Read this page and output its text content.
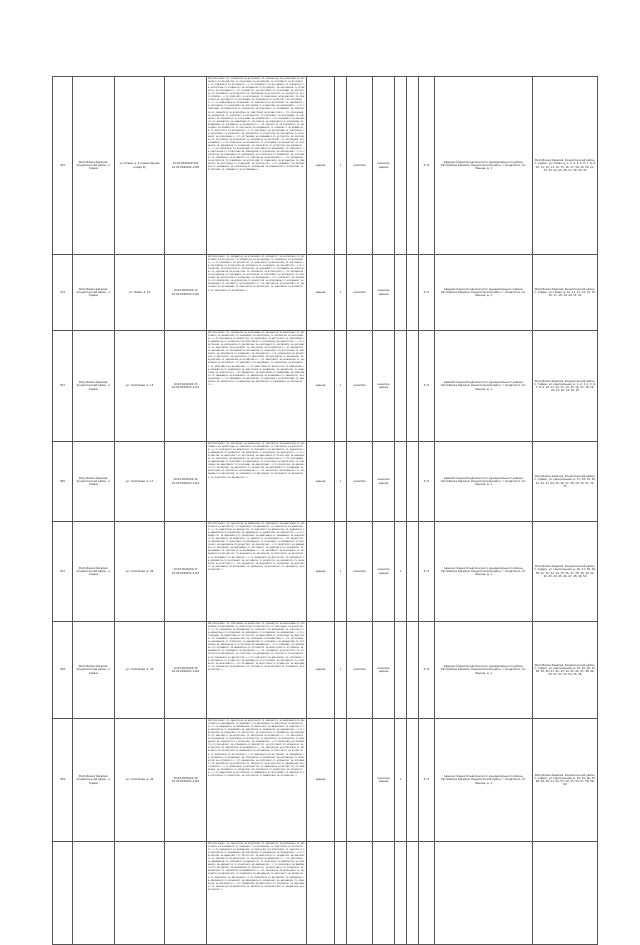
332	Республика Карелия, Кондопожский район, п. Гирвас	ул. Новая, д. 4 (инвентарный номер 8)	10:03:0040102:542 10:03:0040102:1105	MULTIPOLYGON(((75.3224452474 34.4112349211,75.3225061234 34.4113422188,75.3223847652 34.4114507761,75.3222639043 34.4113426392,75.3221843211 34.4112349211,75.3224452474 34.4112349211)),((75.3229843211 34.4117640032,75.3230451762 34.4118712344,75.3228920113 34.4119803245,75.3227802317 34.4118704328,75.3229843211 34.4117640032)),((75.3234567112 34.4121129876,75.3235234481 34.4122307756,75.3233985422 34.4123478218,75.3232819034 34.4122301255,75.3234567112 34.4121129876)),((75.3239512311 34.4125740015,75.3240133356 34.4126913327,75.3238761924 34.4127982011,75.3237644418 34.4126833014,75.3239512311 34.4125740015)),((75.3244021854 34.4130023987,75.3244709233 34.4131156612,75.3243368741 34.4132310873,75.3242209854 34.4131159986,75.3244021854 34.4130023987)),((75.3248719942 34.4134411238,75.3249302376 34.4135590012,75.3247968913 34.4136703254,75.3246821075 34.4135578766,75.3248719942 34.4134411238)),((75.3253230048 34.4138870314,75.3253907651 34.4140023377,75.3252508812 34.4141169845,75.3251356732 34.4139973611,75.3253230048 34.4138870314)),((75.3257908213 34.4143300122,75.3258541379 34.4144491087,75.3257146610 34.4145569022,75.3256033982 34.4144439165,75.3257908213 34.4143300122)),((75.3262521116 34.4147689731,75.3263143407 34.4148817215,75.3261790133 34.4149994370,75.3260634271 34.4148822154,75.3262521116 34.4147689731)),((75.3267180912 34.4152070048,75.3267810243 34.4153219952,75.3266432017 34.4154367831,75.3265319116 34.4153201874,75.3267180912 34.4152070048)),((75.3271834460 34.4156448813,75.3272501276 34.4157628104,75.3271109922 34.4158745529,75.3269936514 34.4157592811,75.3271834460 34.4156448813)),((75.3276411233 34.4160902231,75.3277043845 34.4162047723,75.3275668129 34.4163200164,75.3274542361 34.4162016735,75.3276411233 34.4160902231)),((75.3281059120 34.4165331408,75.3281729814 34.4166498867,75.3280335021 34.4167613240,75.3279191348 34.4166470039,75.3281059120 34.4165331408)),((75.3285702214 34.4169764315,75.3286334078 34.4170922214,75.3284952631 34.4172018847,75.3283820147 34.4170887313,75.3285702214 34.4169764315)),((75.3290361587 34.4174151276,75.3290987002 34.4175317438,75.3289623419 34.4176442165,75.3288483710 34.4175270961,75.3290361587 34.4174151276)),((75.3294986271 34.4178609834,75.3295640017 34.4179781243,75.3294245338 34.4180893018,75.3293107862 34.4179719546,75.3294986271 34.4178609834)))	здание	1	нежилое	нежилое здание			5,71	Администрация Кондопожского муниципального района. Республика Карелия, Кондопожский район, г. Кондопога, пл. Ленина, д. 1	Республика Карелия, Кондопожский район, п. Гирвас, ул. Новая, д. 1, 2, 3, 4, 5, 6, 7, 8, 9, 10, 11, 12, 13, 14, 15, 16, 17, 18, 19, 20, 21, 22, 23, 24, 25, 26, 27, 28, 29, 30
333	Республика Карелия, Кондопожский район, п. Гирвас	ул. Новая, д. 10	10:03:0040102:14 10:03:0040102:1120	MULTIPOLYGON(((75.3318842103 34.4210334811,75.3319502377 34.4211487016,75.3318120456 34.4212615327,75.3316981734 34.4211479903,75.3318842103 34.4210334811)),((75.3323498217 34.4214781127,75.3324135541 34.4215929316,75.3322760412 34.4217058874,75.3321621509 34.4215910123,75.3323498217 34.4214781127)),((75.3328142391 34.4219197238,75.3328793105 34.4220348871,75.3327408614 34.4221471042,75.3326266738 34.4220337145,75.3328142391 34.4219197238)),((75.3332801416 34.4223630054,75.3333448762 34.4224776530,75.3332059817 34.4225904112,75.3330922047 34.4224771308,75.3332801416 34.4223630054)),((75.3337453127 34.4228054312,75.3338107435 34.4229207766,75.3336721128 34.4230334590,75.3335584612 34.4229200033,75.3337453127 34.4228054312)),((75.3342106518 34.4232479021,75.3342761007 34.4233628442,75.3341374233 34.4234752011,75.3340236105 34.4233618719,75.3342106518 34.4232479021)))	здание	1	нежилое	нежилое здание			5,71	Администрация Кондопожского муниципального района. Республика Карелия, Кондопожский район, г. Кондопога, пл. Ленина, д. 1	Республика Карелия, Кондопожский район, п. Гирвас, ул. Новая, д. 10, 11, 12, 13, 14, 15, 16, 17, 18, 19, 20, 21, 22
352	Республика Карелия, Кондопожский район, п. Гирвас	ул. Centralная, д. 13	10:03:0040102:15 10:03:0040102:1121	MULTIPOLYGON(((75.3412841706 34.4302138860,75.3413492158 34.4303291047,75.3412108315 34.4304413920,75.3410964002 34.4303278635,75.3412841706 34.4302138860)),((75.3417498134 34.4306573127,75.3418150926 34.4307724513,75.3416763808 34.4308852210,75.3415623214 34.4307719145,75.3417498134 34.4306573127)),((75.3422152093 34.4311009224,75.3422801548 34.4312158641,75.3421418876 34.4313284720,75.3420274503 34.4312149811,75.3422152093 34.4311009224)),((75.3426807412 34.4315440125,75.3427459308 34.4316590314,75.3426073011 34.4317716438,75.3424931617 34.4316581022,75.3426807412 34.4315440125)),((75.3431462308 34.4319872033,75.3432114517 34.4321023147,75.3430728902 34.4322148236,75.3429586411 34.4321012609,75.3431462308 34.4319872033)),((75.3436118421 34.4324305149,75.3436769023 34.4325455017,75.3435384217 34.4326580822,75.3434241009 34.4325444731,75.3436118421 34.4324305149)),((75.3440773609 34.4328737126,75.3441425306 34.4329887614,75.3440039104 34.4331012909,75.3438897012 34.4329877302,75.3440773609 34.4328737126)),((75.3445429117 34.4333169308,75.3446079804 34.4334319425,75.3444694021 34.4335444732,75.3443552209 34.4334309018,75.3445429117 34.4333169308)),((75.3450084302 34.4337601437,75.3450735611 34.4338751808,75.3449349716 34.4339877013,75.3448207504 34.4338741419,75.3450084302 34.4337601437)))	здание	1	нежилое	нежилое здание			5,71	Администрация Кондопожского муниципального района. Республика Карелия, Кондопожский район, г. Кондопога, пл. Ленина, д. 1	Республика Карелия, Кондопожский район, п. Гирвас, ул. Центральная, д. 1, 2, 3, 4, 5, 6, 7, 8, 9, 10, 11, 12, 13, 14, 15, 16, 17, 18, 19, 20, 21, 22, 23, 24, 25
356	Республика Карелия, Кондопожский район, п. Гирвас	ул. Centralная, д. 17	10:03:0040102:16 10:03:0040102:1122	MULTIPOLYGON(((75.3502141007 34.4392301216,75.3502793519 34.4393452108,75.3501408313 34.4394577340,75.3500265102 34.4393442607,75.3502141007 34.4392301216)),((75.3506796213 34.4396733517,75.3507448021 34.4397884210,75.3506062514 34.4399009316,75.3504920211 34.4397874039,75.3506796213 34.4396733517)),((75.3511451709 34.4401165611,75.3512103616 34.4402316418,75.3510717418 34.4403441503,75.3509575407 34.4402306230,75.3511451709 34.4401165611)),((75.3516106802 34.4405597904,75.3516758413 34.4406748521,75.3515372614 34.4407873612,75.3514230603 34.4406738413,75.3516106802 34.4405597904)),((75.3520762105 34.4410030107,75.3521413811 34.4411180725,75.3520027919 34.4412305807,75.3518885808 34.4411170626,75.3520762105 34.4410030107)),((75.3525417301 34.4414462321,75.3526069014 34.4415612934,75.3524683210 34.4416738002,75.3523541011 34.4415602819,75.3525417301 34.4414462321)))	здание	1	нежилое	нежилое здание			5,71	Администрация Кондопожского муниципального района. Республика Карелия, Кондопожский район, г. Кондопога, пл. Ленина, д. 1	Республика Карелия, Кондопожский район, п. Гирвас, ул. Центральная, д. 17, 18, 19, 20, 21, 22, 23, 24, 25, 26, 27, 28, 29, 30, 31, 32, 33
357	Республика Карелия, Кондопожский район, п. Гирвас	ул. Centralная, д. 26	10:03:0040102:17 10:03:0040102:1123	MULTIPOLYGON(((75.3600112314 34.4489120013,75.3600764021 34.4490270608,75.3599378214 34.4491395717,75.3598236011 34.4490260512,75.3600112314 34.4489120013)),((75.3604767509 34.4493552112,75.3605419217 34.4494702714,75.3604033412 34.4495827814,75.3602891209 34.4494692619,75.3604767509 34.4493552112)),((75.3609422711 34.4497984213,75.3610074419 34.4499134814,75.3608688613 34.4500259913,75.3607546411 34.4499124717,75.3609422711 34.4497984213)),((75.3614077913 34.4502416314,75.3614729619 34.4503566913,75.3613343815 34.4504692012,75.3612201613 34.4503556818,75.3614077913 34.4502416314)),((75.3618733115 34.4506848415,75.3619384821 34.4507999014,75.3617999017 34.4509124113,75.3616856815 34.4507988919,75.3618733115 34.4506848415)),((75.3623388317 34.4511280516,75.3624040023 34.4512431115,75.3622654219 34.4513556214,75.3621512017 34.4512421020,75.3623388317 34.4511280516)),((75.3628043519 34.4515712617,75.3628695225 34.4516863216,75.3627309421 34.4517988315,75.3626167219 34.4516853121,75.3628043519 34.4515712617)),((75.3632698721 34.4520144718,75.3633350427 34.4521295317,75.3631964623 34.4522420416,75.3630822421 34.4521285222,75.3632698721 34.4520144718)))	здание	1	нежилое	нежилое здание	1		5,71	Администрация Кондопожского муниципального района. Республика Карелия, Кондопожский район, г. Кондопога, пл. Ленина, д. 1	Республика Карелия, Кондопожский район, п. Гирвас, ул. Центральная, д. 26, 27, 28, 29, 30, 31, 32, 33, 34, 35, 36, 37, 38, 39, 40, 41, 42, 43, 44, 45, 46, 47, 48, 49, 50
358	Республика Карелия, Кондопожский район, п. Гирвас	ул. Centralная, д. 34	10:03:0040102:18 10:03:0040102:1124	MULTIPOLYGON(((75.3701214003 34.4590113207,75.3701865710 34.4591263806,75.3700479906 34.4592388905,75.3699337704 34.4591253711,75.3701214003 34.4590113207)),((75.3705869205 34.4594545308,75.3706520911 34.4595695907,75.3705135107 34.4596821006,75.3703992905 34.4595685812,75.3705869205 34.4594545308)),((75.3710524407 34.4598977409,75.3711176113 34.4600128008,75.3709790309 34.4601253107,75.3708648107 34.4600117913,75.3710524407 34.4598977409)),((75.3715179609 34.4603409510,75.3715831315 34.4604560109,75.3714445511 34.4605685208,75.3713303309 34.4604550014,75.3715179609 34.4603409510)),((75.3719834811 34.4607841611,75.3720486517 34.4608992210,75.3719100713 34.4610117309,75.3717958511 34.4608982115,75.3719834811 34.4607841611)),((75.3724490013 34.4612273712,75.3725141719 34.4613424311,75.3723755915 34.4614549410,75.3722613713 34.4613414216,75.3724490013 34.4612273712)),((75.3729145215 34.4616705813,75.3729796921 34.4617856412,75.3728411117 34.4618981511,75.3727268915 34.4617846317,75.3729145215 34.4616705813)),((75.3733800417 34.4621137914,75.3734452123 34.4622288513,75.3733066319 34.4623413612,75.3731924117 34.4622278418,75.3733800417 34.4621137914)))	здание	1	нежилое	нежилое здание			5,71	Администрация Кондопожского муниципального района. Республика Карелия, Кондопожский район, г. Кондопога, пл. Ленина, д. 1	Республика Карелия, Кондопожский район, п. Гирвас, ул. Центральная, д. 34, 35, 36, 37, 38, 39, 40, 41, 42, 43, 44, 45, 46, 47, 48, 49, 50, 51, 52, 53, 54, 55, 56
359	Республика Карелия, Кондопожский район, п. Гирвас	ул. Centralная, д. 44	10:03:0040102:19 10:03:0040102:1125	MULTIPOLYGON(((75.3802311016 34.4691210315,75.3802962723 34.4692360914,75.3801576919 34.4693486013,75.3800434717 34.4692350819,75.3802311016 34.4691210315)),((75.3806966218 34.4695642416,75.3807617925 34.4696793015,75.3806232121 34.4697918114,75.3805089919 34.4696782920,75.3806966218 34.4695642416)),((75.3811621420 34.4700074517,75.3812273127 34.4701225116,75.3810887323 34.4702350215,75.3809745121 34.4701215021,75.3811621420 34.4700074517)),((75.3816276622 34.4704506618,75.3816928329 34.4705657217,75.3815542525 34.4706782316,75.3814400323 34.4705647122,75.3816276622 34.4704506618)),((75.3820931824 34.4708938719,75.3821583531 34.4710089318,75.3820197727 34.4711214417,75.3819055525 34.4710079223,75.3820931824 34.4708938719)),((75.3825587026 34.4713370820,75.3826238733 34.4714521419,75.3824852929 34.4715646518,75.3823710727 34.4714511324,75.3825587026 34.4713370820)),((75.3830242228 34.4717802921,75.3830893935 34.4718953520,75.3829508131 34.4720078619,75.3828365929 34.4718943425,75.3830242228 34.4717802921)),((75.3834897430 34.4722235022,75.3835549137 34.4723385621,75.3834163333 34.4724510720,75.3833021131 34.4723375526,75.3834897430 34.4722235022)),((75.3839552632 34.4726667123,75.3840204339 34.4727817722,75.3838818535 34.4728942821,75.3837676333 34.4727807627,75.3839552632 34.4726667123)),((75.3844207834 34.4731099224,75.3844859541 34.4732249823,75.3843473737 34.4733374922,75.3842331535 34.4732239728,75.3844207834 34.4731099224)))	здание			нежилое здание	1		5,71	Администрация Кондопожского муниципального района. Республика Карелия, Кондопожский район, г. Кондопога, пл. Ленина, д. 1	Республика Карелия, Кондопожский район, п. Гирвас, ул. Центральная, д. 44, 45, 46, 47, 48, 49, 50, 51, 52, 53, 54, 55, 56, 57, 58, 59, 60
				MULTIPOLYGON(((75.3902311016 34.4791210315,75.3902962723 34.4792360914,75.3901576919 34.4793486013,75.3900434717 34.4792350819,75.3902311016 34.4791210315)),((75.3906966218 34.4795642416,75.3907617925 34.4796793015,75.3906232121 34.4797918114,75.3905089919 34.4796782920,75.3906966218 34.4795642416)),((75.3911621420 34.4800074517,75.3912273127 34.4801225116,75.3910887323 34.4802350215,75.3909745121 34.4801215021,75.3911621420 34.4800074517)),((75.3916276622 34.4804506618,75.3916928329 34.4805657217,75.3915542525 34.4806782316,75.3914400323 34.4805647122,75.3916276622 34.4804506618)),((75.3920931824 34.4808938719,75.3921583531 34.4810089318,75.3920197727 34.4811214417,75.3919055525 34.4810079223,75.3920931824 34.4808938719)),((75.3925587026 34.4813370820,75.3926238733 34.4814521419,75.3924852929 34.4815646518,75.3923710727 34.4814511324,75.3925587026 34.4813370820)),((75.3930242228 34.4817802921,75.3930893935 34.4818953520,75.3929508131 34.4820078619,75.3928365929 34.4818943425,75.3930242228 34.4817802921)),((75.3934897430 34.4822235022,75.3935549137 34.4823385621,75.3934163333 34.4824510720,75.3933021131 34.4823375526,75.3934897430 34.4822235022)))									
